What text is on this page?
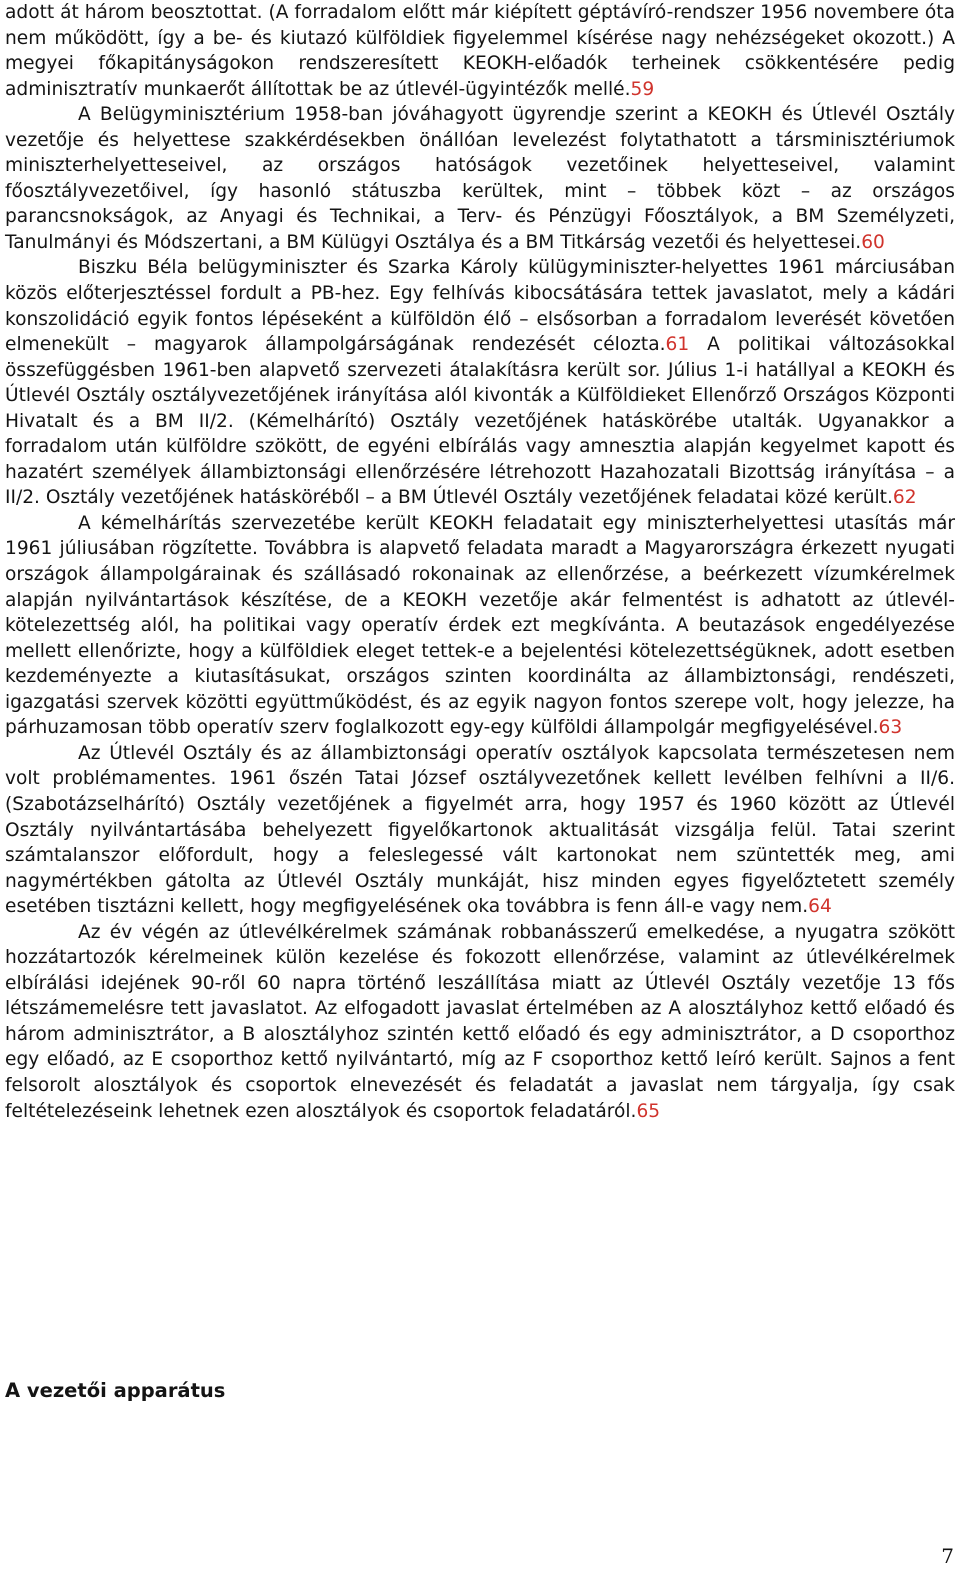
adott át három beosztottat. (A forradalom előtt már kiépített géptávíró-rendszer 1956 novembere óta nem működött, így a be- és kiutazó külföldiek figyelemmel kísérése nagy nehézségeket okozott.) A megyei főkapitányságokon rendszeresített KEOKH-előadók terheinek csökkentésére pedig adminisztratív munkaerőt állítottak be az útlevél-ügyintézők mellé.59

A Belügyminisztérium 1958-ban jóváhagyott ügyrendje szerint a KEOKH és Útlevél Osztály vezetője és helyettese szakkérdésekben önállóan levelezést folytathatott a társminisztériumok miniszterhelyetteseivel, az országos hatóságok vezetőinek helyetteseivel, valamint főosztályvezetőivel, így hasonló státuszba kerültek, mint – többek közt – az országos parancsnokságok, az Anyagi és Technikai, a Terv- és Pénzügyi Főosztályok, a BM Személyzeti, Tanulmányi és Módszertani, a BM Külügyi Osztálya és a BM Titkárság vezetői és helyettesei.60

Biszku Béla belügyminiszter és Szarka Károly külügyminiszter-helyettes 1961 márciusában közös előterjesztéssel fordult a PB-hez. Egy felhívás kibocsátására tettek javaslatot, mely a kádári konszolidáció egyik fontos lépéseként a külföldön élő – elsősorban a forradalom leverését követően elmenekült – magyarok állampolgárságának rendezését célozta.61 A politikai változásokkal összefüggésben 1961-ben alapvető szervezeti átalakításra került sor. Július 1-i hatállyal a KEOKH és Útlevél Osztály osztályvezetőjének irányítása alól kivonták a Külföldieket Ellenőrző Országos Központi Hivatalt és a BM II/2. (Kémelhárító) Osztály vezetőjének hatáskörébe utalták. Ugyanakkor a forradalom után külföldre szökött, de egyéni elbírálás vagy amnesztia alapján kegyelmet kapott és hazatért személyek állambiztonsági ellenőrzésére létrehozott Hazahozatali Bizottság irányítása – a II/2. Osztály vezetőjének hatásköréből – a BM Útlevél Osztály vezetőjének feladatai közé került.62

A kémelhárítás szervezetébe került KEOKH feladatait egy miniszterhelyettesi utasítás már 1961 júliusában rögzítette. Továbbra is alapvető feladata maradt a Magyarországra érkezett nyugati országok állampolgárainak és szállásadó rokonainak az ellenőrzése, a beérkezett vízumkérelmek alapján nyilvántartások készítése, de a KEOKH vezetője akár felmentést is adhatott az útlevél-kötelezettség alól, ha politikai vagy operatív érdek ezt megkívánta. A beutazások engedélyezése mellett ellenőrizte, hogy a külföldiek eleget tettek-e a bejelentési kötelezettségüknek, adott esetben kezdeményezte a kiutasításukat, országos szinten koordinálta az állambiztonsági, rendészeti, igazgatási szervek közötti együttműködést, és az egyik nagyon fontos szerepe volt, hogy jelezze, ha párhuzamosan több operatív szerv foglalkozott egy-egy külföldi állampolgár megfigyelésével.63

Az Útlevél Osztály és az állambiztonsági operatív osztályok kapcsolata természetesen nem volt problémamentes. 1961 őszén Tatai József osztályvezetőnek kellett levélben felhívni a II/6. (Szabotázselhárító) Osztály vezetőjének a figyelmét arra, hogy 1957 és 1960 között az Útlevél Osztály nyilvántartásába behelyezett figyelőkartonok aktualitását vizsgálja felül. Tatai szerint számtalanszor előfordult, hogy a feleslegessé vált kartonokat nem szüntették meg, ami nagymértékben gátolta az Útlevél Osztály munkáját, hisz minden egyes figyelőztetett személy esetében tisztázni kellett, hogy megfigyelésének oka továbbra is fenn áll-e vagy nem.64

Az év végén az útlevélkérelmek számának robbanásszerű emelkedése, a nyugatra szökött hozzátartozók kérelmeinek külön kezelése és fokozott ellenőrzése, valamint az útlevélkérelmek elbírálási idejének 90-ről 60 napra történő leszállítása miatt az Útlevél Osztály vezetője 13 fős létszámemelésre tett javaslatot. Az elfogadott javaslat értelmében az A alosztályhoz kettő előadó és három adminisztrátor, a B alosztályhoz szintén kettő előadó és egy adminisztrátor, a D csoporthoz egy előadó, az E csoporthoz kettő nyilvántartó, míg az F csoporthoz kettő leíró került. Sajnos a fent felsorolt alosztályok és csoportok elnevezését és feladatát a javaslat nem tárgyalja, így csak feltételezéseink lehetnek ezen alosztályok és csoportok feladatáról.65

A vezetői apparátus
7
